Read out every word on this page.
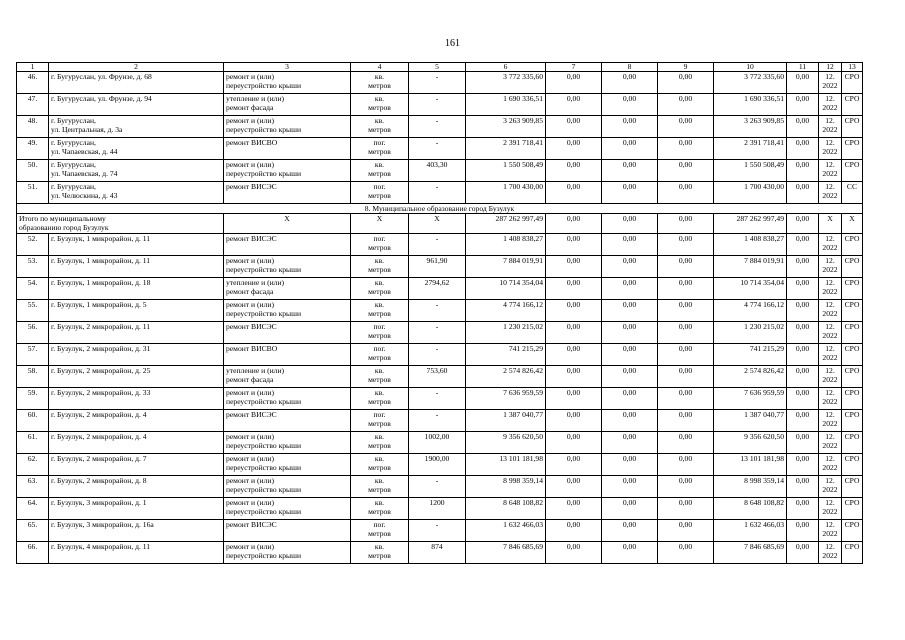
161
1	2	3	4	5	6	7	8	9	10	11	12	13
46.	г. Бугуруслан, ул. Фрунзе, д. 68	ремонт и (или)
переустройство крыши	кв.
метров	-	3 772 335,60	0,00	0,00	0,00	3 772 335,60	0,00	12.
2022	СРО
47.	г. Бугуруслан, ул. Фрунзе, д. 94	утепление и (или)
ремонт фасада	кв.
метров	-	1 690 336,51	0,00	0,00	0,00	1 690 336,51	0,00	12.
2022	СРО
48.	г. Бугуруслан,
ул. Центральная, д. 3а	ремонт и (или)
переустройство крыши	кв.
метров	-	3 263 909,85	0,00	0,00	0,00	3 263 909,85	0,00	12.
2022	СРО
49.	г. Бугуруслан,
ул. Чапаевская, д. 44	ремонт ВИСВО	пог.
метров	-	2 391 718,41	0,00	0,00	0,00	2 391 718,41	0,00	12.
2022	СРО
50.	г. Бугуруслан,
ул. Чапаевская, д. 74	ремонт и (или)
переустройство крыши	кв.
метров	403,30	1 550 508,49	0,00	0,00	0,00	1 550 508,49	0,00	12.
2022	СРО
51.	г. Бугуруслан,
ул. Челюскина, д. 43	ремонт ВИСЭС	пог.
метров	-	1 700 430,00	0,00	0,00	0,00	1 700 430,00	0,00	12.
2022	СС
8. Муниципальное образование город Бузулук												
Итого по муниципальному
образованию город Бузулук		X	X	X	287 262 997,49	0,00	0,00	0,00	287 262 997,49	0,00	X	X
52.	г. Бузулук, 1 микрорайон, д. 11	ремонт ВИСЭС	пог.
метров	-	1 408 838,27	0,00	0,00	0,00	1 408 838,27	0,00	12.
2022	СРО
53.	г. Бузулук, 1 микрорайон, д. 11	ремонт и (или)
переустройство крыши	кв.
метров	961,90	7 884 019,91	0,00	0,00	0,00	7 884 019,91	0,00	12.
2022	СРО
54.	г. Бузулук, 1 микрорайон, д. 18	утепление и (или)
ремонт фасада	кв.
метров	2794,62	10 714 354,04	0,00	0,00	0,00	10 714 354,04	0,00	12.
2022	СРО
55.	г. Бузулук, 1 микрорайон, д. 5	ремонт и (или)
переустройство крыши	кв.
метров	-	4 774 166,12	0,00	0,00	0,00	4 774 166,12	0,00	12.
2022	СРО
56.	г. Бузулук, 2 микрорайон, д. 11	ремонт ВИСЭС	пог.
метров	-	1 230 215,02	0,00	0,00	0,00	1 230 215,02	0,00	12.
2022	СРО
57.	г. Бузулук, 2 микрорайон, д. 31	ремонт ВИСВО	пог.
метров	-	741 215,29	0,00	0,00	0,00	741 215,29	0,00	12.
2022	СРО
58.	г. Бузулук, 2 микрорайон, д. 25	утепление и (или)
ремонт фасада	кв.
метров	753,60	2 574 826,42	0,00	0,00	0,00	2 574 826,42	0,00	12.
2022	СРО
59.	г. Бузулук, 2 микрорайон, д. 33	ремонт и (или)
переустройство крыши	кв.
метров	-	7 636 959,59	0,00	0,00	0,00	7 636 959,59	0,00	12.
2022	СРО
60.	г. Бузулук, 2 микрорайон, д. 4	ремонт ВИСЭС	пог.
метров	-	1 387 040,77	0,00	0,00	0,00	1 387 040,77	0,00	12.
2022	СРО
61.	г. Бузулук, 2 микрорайон, д. 4	ремонт и (или)
переустройство крыши	кв.
метров	1002,00	9 356 620,50	0,00	0,00	0,00	9 356 620,50	0,00	12.
2022	СРО
62.	г. Бузулук, 2 микрорайон, д. 7	ремонт и (или)
переустройство крыши	кв.
метров	1900,00	13 101 181,98	0,00	0,00	0,00	13 101 181,98	0,00	12.
2022	СРО
63.	г. Бузулук, 2 микрорайон, д. 8	ремонт и (или)
переустройство крыши	кв.
метров	-	8 998 359,14	0,00	0,00	0,00	8 998 359,14	0,00	12.
2022	СРО
64.	г. Бузулук, 3 микрорайон, д. 1	ремонт и (или)
переустройство крыши	кв.
метров	1200	8 648 108,82	0,00	0,00	0,00	8 648 108,82	0,00	12.
2022	СРО
65.	г. Бузулук, 3 микрорайон, д. 16а	ремонт ВИСЭС	пог.
метров	-	1 632 466,03	0,00	0,00	0,00	1 632 466,03	0,00	12.
2022	СРО
66.	г. Бузулук, 4 микрорайон, д. 11	ремонт и (или)
переустройство крыши	кв.
метров	874	7 846 685,69	0,00	0,00	0,00	7 846 685,69	0,00	12.
2022	СРО
